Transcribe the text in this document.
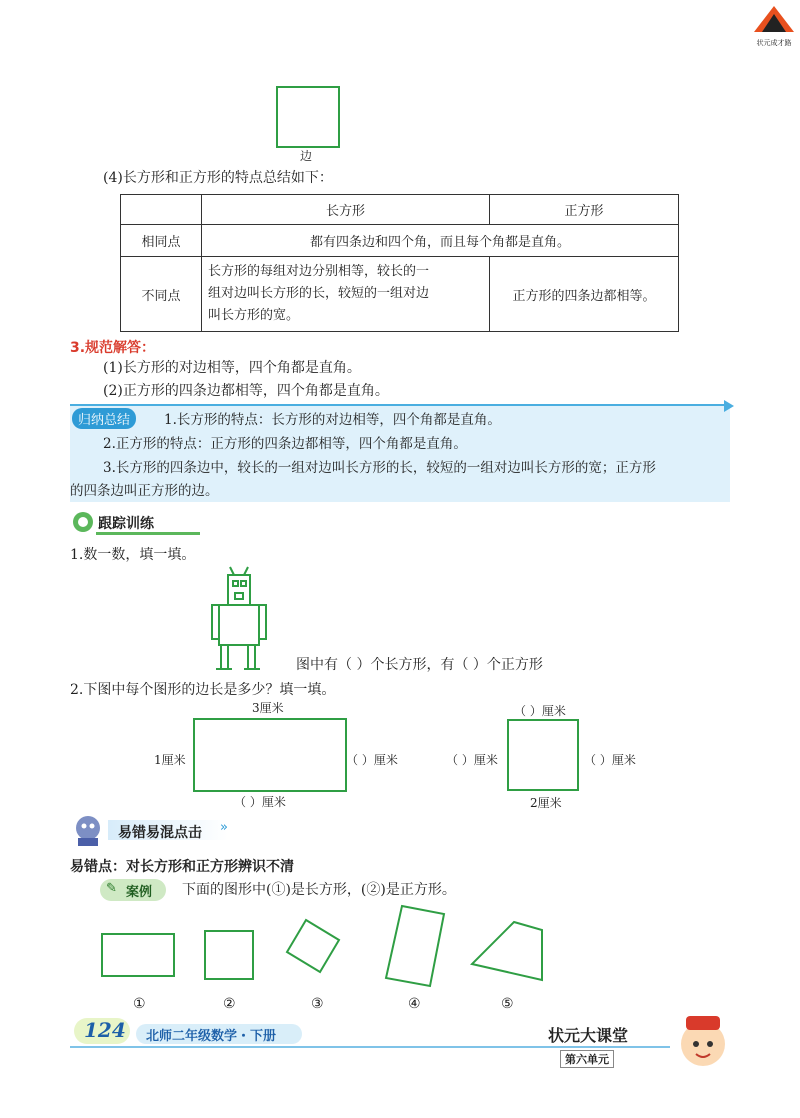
状元成才路
边
(4)长方形和正方形的特点总结如下：
	长方形	正方形
相同点	都有四条边和四个角，而且每个角都是直角。	
不同点	长方形的每组对边分别相等，较长的一
组对边叫长方形的长，较短的一组对边
叫长方形的宽。	正方形的四条边都相等。
3.规范解答：
(1)长方形的对边相等，四个角都是直角。
(2)正方形的四条边都相等，四个角都是直角。
归纳总结	1.长方形的特点：长方形的对边相等，四个角都是直角。
2.正方形的特点：正方形的四条边都相等，四个角都是直角。
3.长方形的四条边中，较长的一组对边叫长方形的长，较短的一组对边叫长方形的宽；正方形
的四条边叫正方形的边。
跟踪训练
1.数一数，填一填。
图中有（ ）个长方形，有（ ）个正方形
2.下图中每个图形的边长是多少？填一填。
3厘米
1厘米	（ ）厘米
（ ）厘米
（ ）厘米
（ ）厘米	（ ）厘米
2厘米
易错易混点击 »
易错点：对长方形和正方形辨识不清
✎ 案例 下面的图形中(①)是长方形，(②)是正方形。
①	②	③	④	⑤
124 北师二年级数学・下册	状元大课堂
第六单元
